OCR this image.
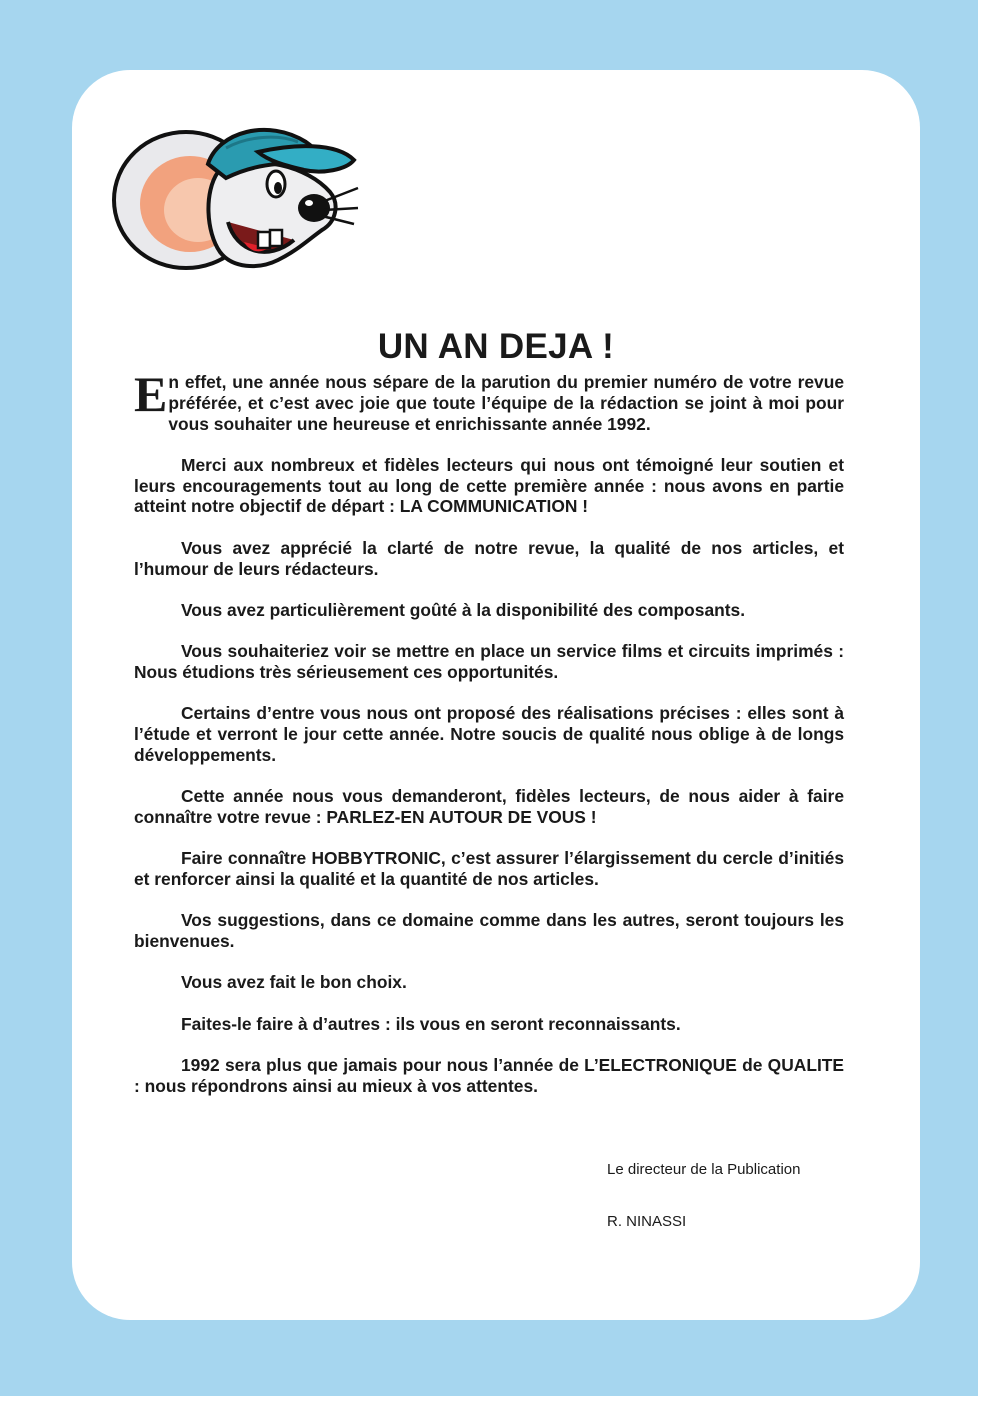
UN AN DEJA !

En effet, une année nous sépare de la parution du premier numéro de votre revue préférée, et c’est avec joie que toute l’équipe de la rédaction se joint à moi pour vous souhaiter une heureuse et enrichissante année 1992.

Merci aux nombreux et fidèles lecteurs qui nous ont témoigné leur soutien et leurs encouragements tout au long de cette première année : nous avons en partie atteint notre objectif de départ : LA COMMUNICATION !

Vous avez apprécié la clarté de notre revue, la qualité de nos articles, et l’humour de leurs rédacteurs.

Vous avez particulièrement goûté à la disponibilité des composants.

Vous souhaiteriez voir se mettre en place un service films et circuits imprimés : Nous étudions très sérieusement ces opportunités.

Certains d’entre vous nous ont proposé des réalisations précises : elles sont à l’étude et verront le jour cette année. Notre soucis de qualité nous oblige à de longs développements.

Cette année nous vous demanderont, fidèles lecteurs, de nous aider à faire connaître votre revue : PARLEZ-EN AUTOUR DE VOUS !

Faire connaître HOBBYTRONIC, c’est assurer l’élargissement du cercle d’initiés et renforcer ainsi la qualité et la quantité de nos articles.

Vos suggestions, dans ce domaine comme dans les autres, seront toujours les bienvenues.

Vous avez fait le bon choix.

Faites-le faire à d’autres : ils vous en seront reconnaissants.

1992 sera plus que jamais pour nous l’année de L’ELECTRONIQUE de QUALITE : nous répondrons ainsi au mieux à vos attentes.

Le directeur de la Publication

R. NINASSI
